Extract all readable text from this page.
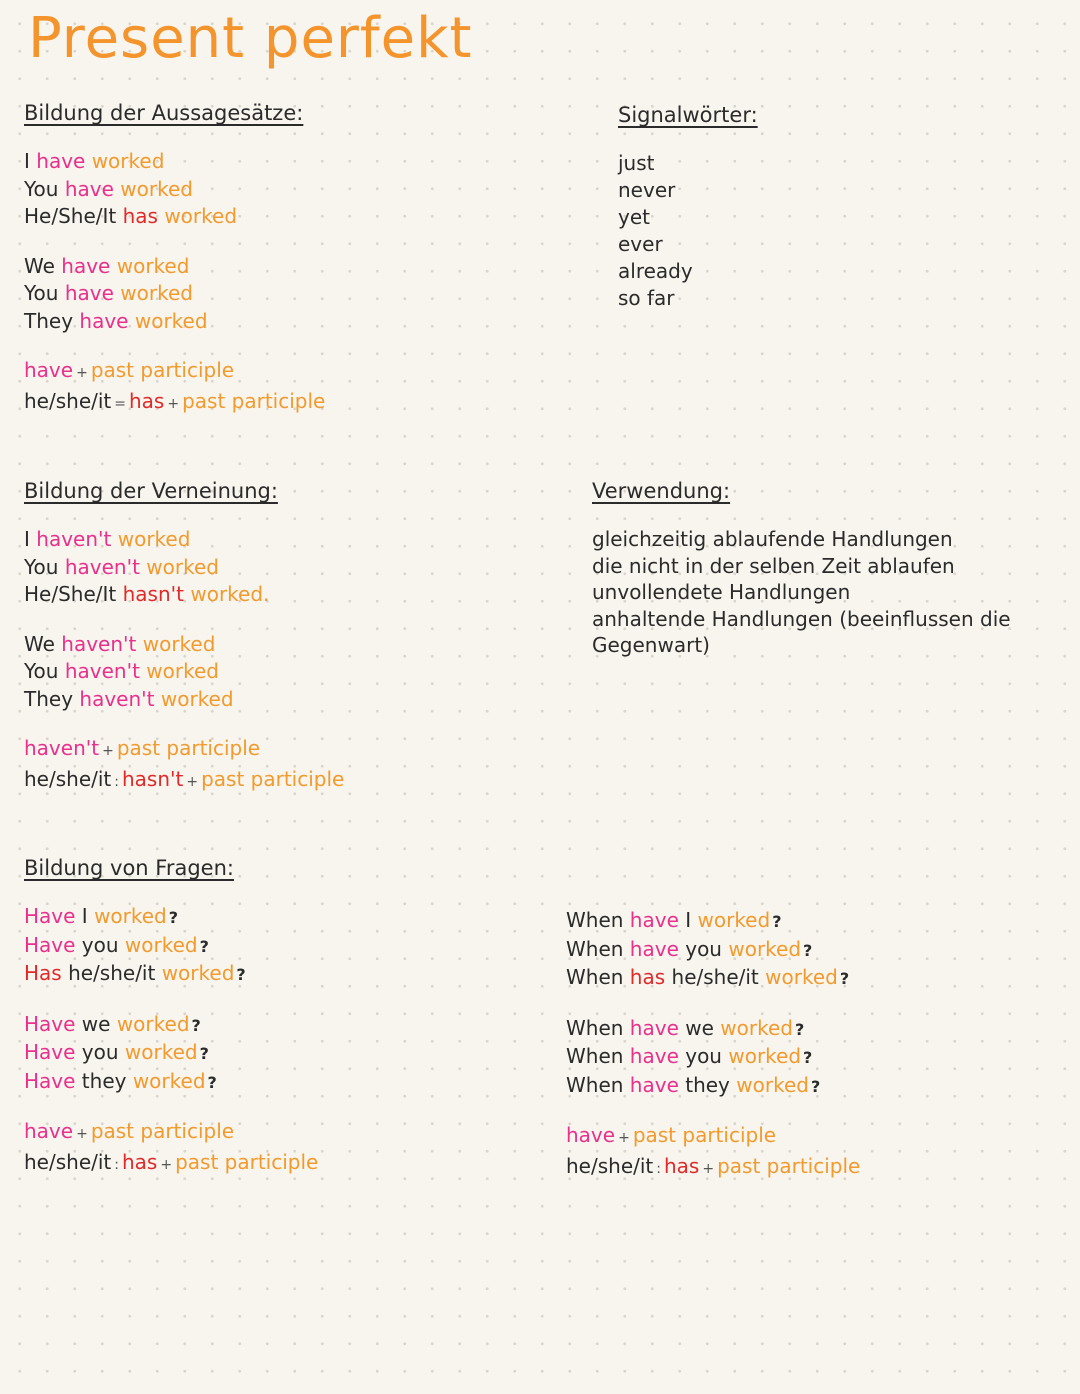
Present perfekt
Bildung der Aussagesätze:
I have worked
You have worked
He/She/It has worked
We have worked
You have worked
They have worked
have + past participle
he/she/it = has + past participle
Signalwörter:
just
never
yet
ever
already
so far
Bildung der Verneinung:
I haven't worked
You haven't worked
He/She/It hasn't worked.
We haven't worked
You haven't worked
They haven't worked
haven't + past participle
he/she/it : hasn't + past participle
Verwendung:
gleichzeitig ablaufende Handlungen
die nicht in der selben Zeit ablaufen
unvollendete Handlungen
anhaltende Handlungen (beeinflussen die
Gegenwart)
Bildung von Fragen:
Have I worked ?
Have you worked ?
Has he/she/it worked ?
Have we worked ?
Have you worked ?
Have they worked ?
have + past participle
he/she/it : has + past participle
When have I worked ?
When have you worked ?
When has he/she/it worked ?
When have we worked ?
When have you worked ?
When have they worked ?
have + past participle
he/she/it : has + past participle
